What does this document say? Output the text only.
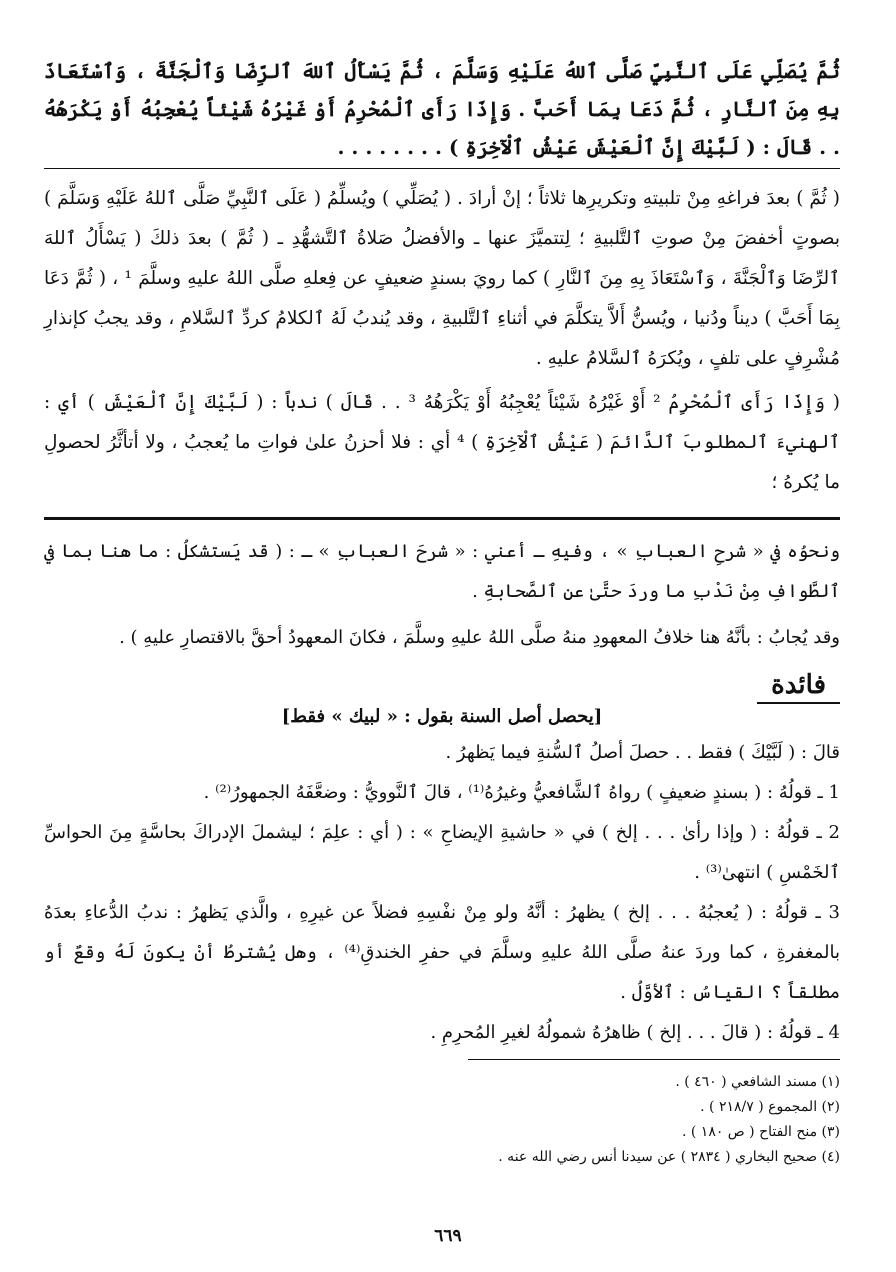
ثُمَّ يُصَلِّي عَلَى ٱلنَّبِيِّ صَلَّى ٱللهُ عَلَيْهِ وَسَلَّمَ ، ثُمَّ يَسْأَلُ ٱللهَ ٱلرِّضَا وَٱلْجَنَّةَ ، وَٱسْتَعَاذَ بِهِ مِنَ ٱلنَّارِ ، ثُمَّ دَعَا بِمَا أَحَبَّ . وَإِذَا رَأَى ٱلْمُحْرِمُ أَوْ غَيْرُهُ شَيْئاً يُعْجِبُهُ أَوْ يَكْرَهُهُ . . قَالَ : ( لَبَّيْكَ إِنَّ ٱلْعَيْشَ عَيْشُ ٱلْآخِرَةِ ) . . . . . . . .

( ثُمَّ ) بعدَ فراغهِ مِنْ تلبيتهِ وتكريرِها ثلاثاً ؛ إنْ أرادَ . ( يُصَلِّي ) ويُسلِّمُ ( عَلَى ٱلنَّبِيِّ صَلَّى ٱللهُ عَلَيْهِ وَسَلَّمَ ) بصوتٍ أخفضَ مِنْ صوتِ ٱلتَّلبيةِ ؛ لِتتميَّزَ عنها ـ والأفضلُ صَلاةُ ٱلتَّشهُّدِ ـ ( ثُمَّ ) بعدَ ذلكَ ( يَسْأَلُ ٱللهَ ٱلرِّضَا وَٱلْجَنَّةَ ، وَٱسْتَعَاذَ بِهِ مِنَ ٱلنَّارِ ) كما رويَ بسندٍ ضعيفٍ عن فِعلهِ صلَّى اللهُ عليهِ وسلَّمَ ¹ ، ( ثُمَّ دَعَا بِمَا أَحَبَّ ) ديناً ودُنيا ، ويُسنُّ أَلاَّ يتكلَّمَ في أثناءِ ٱلتَّلبيةِ ، وقد يُندبُ لَهُ ٱلكلامُ كردِّ ٱلسَّلامِ ، وقد يجبُ كإنذارِ مُشْرِفٍ على تلفٍ ، ويُكرَهُ ٱلسَّلامُ عليهِ .

( وَإِذَا رَأَى ٱلْمُحْرِمُ ² أَوْ غَيْرُهُ شَيْئاً يُعْجِبُهُ أَوْ يَكْرَهُهُ ³ . . قَالَ ) ندباً : ( لَبَّيْكَ إِنَّ ٱلْعَيْشَ ) أي : ٱلهنيءَ ٱلمطلوبَ ٱلدَّائمَ ( عَيْشُ ٱلْآخِرَةِ ) ⁴ أي : فلا أحزنُ علىٰ فواتِ ما يُعجبُ ، ولا أتأثَّرُ لحصولِ ما يُكرهُ ؛

ونحوُه في « شرحِ العبابِ » ، وفيهِ ـ أعني : « شرحَ العبابِ » ـ : ( قد يَستشكلُ : ما هنا بما في ٱلطَّوافِ مِنْ نَدْبِ ما وردَ حتَّىٰ عنِ ٱلصَّحابةِ .

وقد يُجابُ : بأنَّهُ هنا خلافُ المعهودِ منهُ صلَّى اللهُ عليهِ وسلَّمَ ، فكانَ المعهودُ أحقَّ بالاقتصارِ عليهِ ) .

فائدة
[يحصل أصل السنة بقول : « لبيك » فقط]

قالَ : ( لَبَّيْكَ ) فقط . . حصلَ أصلُ ٱلسُّنةِ فيما يَظهرُ .

1 ـ قولُهُ : ( بسندٍ ضعيفٍ ) رواهُ ٱلشَّافعيُّ وغيرُهُ⁽¹⁾ ، قالَ ٱلنَّوويُّ : وضعَّفَهُ الجمهورُ⁽²⁾ .

2 ـ قولُهُ : ( وإذا رأىٰ . . . إلخ ) في « حاشيةِ الإيضاحِ » : ( أي : علِمَ ؛ ليشملَ الإدراكَ بحاسَّةٍ مِنَ الحواسِّ ٱلخَمْسِ ) انتهىٰ⁽³⁾ .

3 ـ قولُهُ : ( يُعجبُهُ . . . إلخ ) يظهرُ : أنَّهُ ولو مِنْ نفْسِهِ فضلاً عن غيرِهِ ، والَّذي يَظهرُ : ندبُ الدُّعاءِ بعدَهُ بالمغفرةِ ، كما وردَ عنهُ صلَّى اللهُ عليهِ وسلَّمَ في حفرِ الخندقِ⁽⁴⁾ ، وهل يُشترطُ أنْ يكونَ لَهُ وقعٌ أو مطلقاً ؟ القياسُ : ٱلأوَّلُ .

4 ـ قولُهُ : ( قالَ . . . إلخ ) ظاهرُهُ شمولُهُ لغيرِ المُحرِمِ .

(١) مسند الشافعي ( ٤٦٠ ) .
(٢) المجموع ( ٢١٨/٧ ) .
(٣) منح الفتاح ( ص ١٨٠ ) .
(٤) صحيح البخاري ( ٢٨٣٤ ) عن سيدنا أنس رضي الله عنه .
٦٦٩
